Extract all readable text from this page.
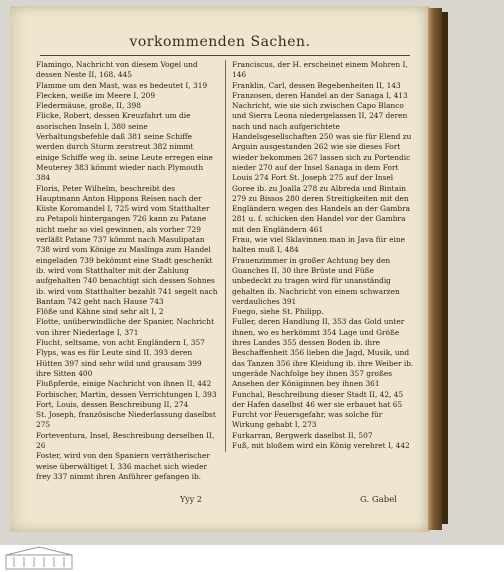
vorkommenden Sachen.

Flamingo, Nachricht von diesem Vogel und dessen Neste II, 168, 445

Flamme um den Mast, was es bedeutet I, 319

Flecken, weiße im Meere I, 209

Fledermäuse, große, II, 398

Flicke, Robert, dessen Kreuzfahrt um die asorischen Inseln I, 380 seine Verhaltungsbefehle daß 381 seine Schiffe werden durch Sturm zerstreut 382 nimmt einige Schiffe weg ib. seine Leute erregen eine Meuterey 383 kömmt wieder nach Plymouth 384

Floris, Peter Wilhelm, beschreibt des Hauptmann Anton Hippons Reisen nach der Küste Koromandel I, 725 wird vom Statthalter zu Petapoli hintergangen 726 kann zu Patane nicht mehr so viel gewinnen, als vorher 729 verläßt Patane 737 kömmt nach Masulipatan 738 wird vom Könige zu Maslinga zum Handel eingeladen 739 bekömmt eine Stadt geschenkt ib. wird vom Statthalter mit der Zahlung aufgehalten 740 benachtigt sich dessen Sohnes ib. wird vom Statthalter bezahlt 741 segelt nach Bantam 742 geht nach Hause 743

Flöße und Kähne sind sehr alt I, 2

Flotte, unüberwindliche der Spanier, Nachricht von ihrer Niederlage I, 371

Flucht, seltsame, von acht Engländern I, 357

Flyps, was es für Leute sind II, 393 deren Hütten 397 sind sehr wild und grausam 399 ihre Sitten 400

Flußpferde, einige Nachricht von ihnen II, 442

Forbischer, Martin, dessen Verrichtungen I, 393

Fort, Louis, dessen Beschreibung II, 274

St. Joseph, französische Niederlassung daselbst 275

Forteventura, Insel, Beschreibung derselben II, 26

Foster, wird von den Spaniern verrätherischer weise überwältiget I, 336 machet sich wieder frey 337 nimmt ihren Anführer gefangen ib.

Franciscus, der H. erscheinet einem Mohren I, 146

Franklin, Carl, dessen Begebenheiten II, 143

Franzosen, deren Handel an der Sanaga I, 413 Nachricht, wie sie sich zwischen Capo Blanco und Sierra Leona niedergelassen II, 247 deren nach und nach aufgerichtete Handelsgesellschaften 250 was sie für Elend zu Arguin ausgestanden 262 wie sie dieses Fort wieder bekommen 267 lassen sich zu Portendic nieder 270 auf der Insel Sanaga in dem Fort Louis 274 Fort St. Joseph 275 auf der Insel Goree ib. zu Joalla 278 zu Albreda und Bintain 279 zu Bissos 280 deren Streitigkeiten mit den Engländern wegen des Handels an der Gambra 281 u. f. schicken den Handel vor der Gambra mit den Engländern 461

Frau, wie viel Sklavinnen man in Java für eine halten muß I, 484

Frauenzimmer in großer Achtung bey den Guanches II, 30 ihre Brüste und Füße unbedeckt zu tragen wird für unanständig gehalten ib. Nachricht von einem schwarzen verdauliches 391

Fuego, siehe St. Philipp.

Fuller, deren Handlung II, 353 das Gold unter ihnen, wo es herkömmt 354 Lage und Größe ihres Landes 355 dessen Boden ib. ihre Beschaffenheit 356 lieben die Jagd, Musik, und das Tanzen 356 ihre Kleidung ib. ihre Weiber ib. ungeräde Nachfolge bey ihnen 357 großes Ansehen der Königinnen bey ihnen 361

Funchal, Beschreibung dieser Stadt II, 42, 45 der Hafen daselbst 46 wer sie erbauet hat 65

Furcht vor Feuersgefahr, was solche für Wirkung gehabt I, 273

Furkarran, Bergwerk daselbst II, 507

Fuß, mit bloßem wird ein König verehret I, 442

Yyy 2	G. Gabel
